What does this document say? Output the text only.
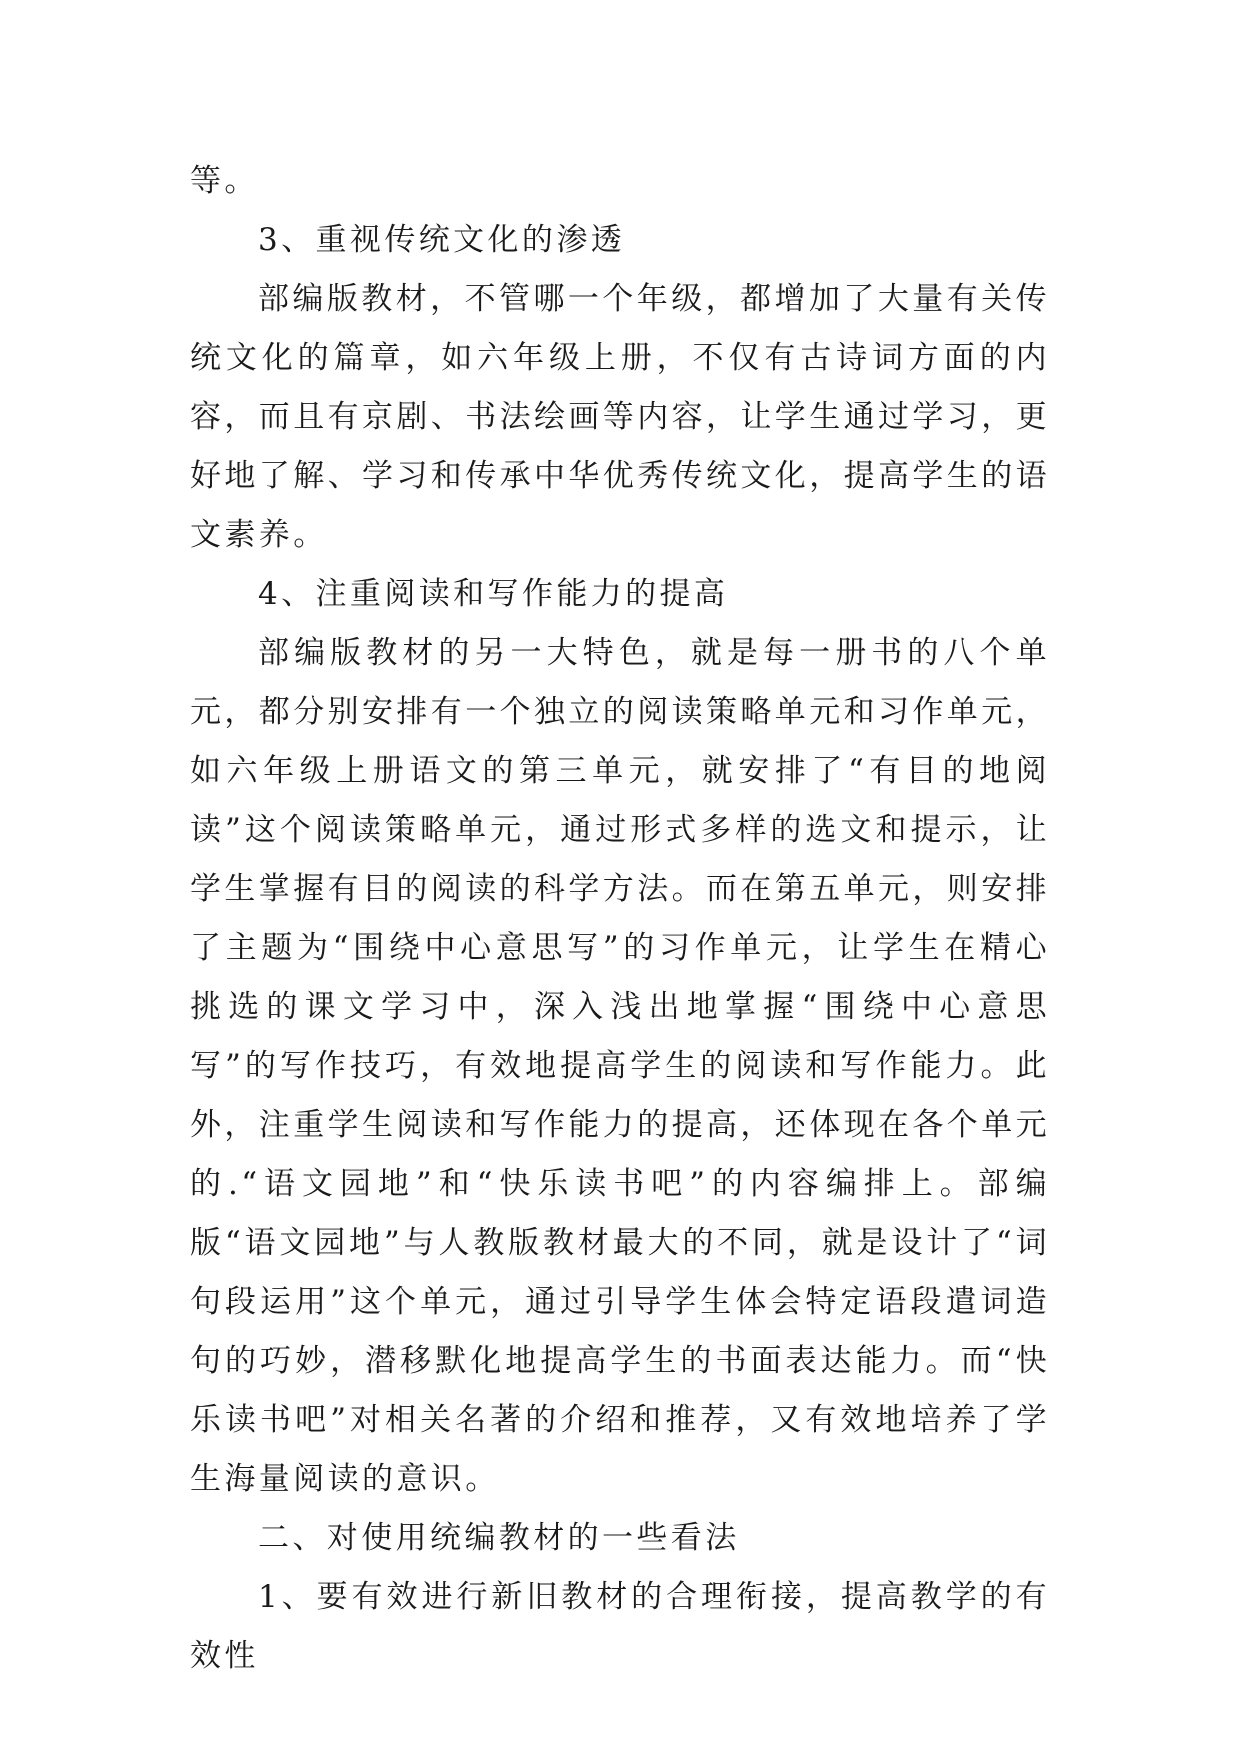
等。

3、重视传统文化的渗透

部编版教材，不管哪一个年级，都增加了大量有关传统文化的篇章，如六年级上册，不仅有古诗词方面的内容，而且有京剧、书法绘画等内容，让学生通过学习，更好地了解、学习和传承中华优秀传统文化，提高学生的语文素养。

4、注重阅读和写作能力的提高

部编版教材的另一大特色，就是每一册书的八个单元，都分别安排有一个独立的阅读策略单元和习作单元，如六年级上册语文的第三单元，就安排了“有目的地阅读”这个阅读策略单元，通过形式多样的选文和提示，让学生掌握有目的阅读的科学方法。而在第五单元，则安排了主题为“围绕中心意思写”的习作单元，让学生在精心挑选的课文学习中，深入浅出地掌握“围绕中心意思写”的写作技巧，有效地提高学生的阅读和写作能力。此外，注重学生阅读和写作能力的提高，还体现在各个单元的.“语文园地”和“快乐读书吧”的内容编排上。部编版“语文园地”与人教版教材最大的不同，就是设计了“词句段运用”这个单元，通过引导学生体会特定语段遣词造句的巧妙，潜移默化地提高学生的书面表达能力。而“快乐读书吧”对相关名著的介绍和推荐，又有效地培养了学生海量阅读的意识。

二、对使用统编教材的一些看法

1、要有效进行新旧教材的合理衔接，提高教学的有效性
